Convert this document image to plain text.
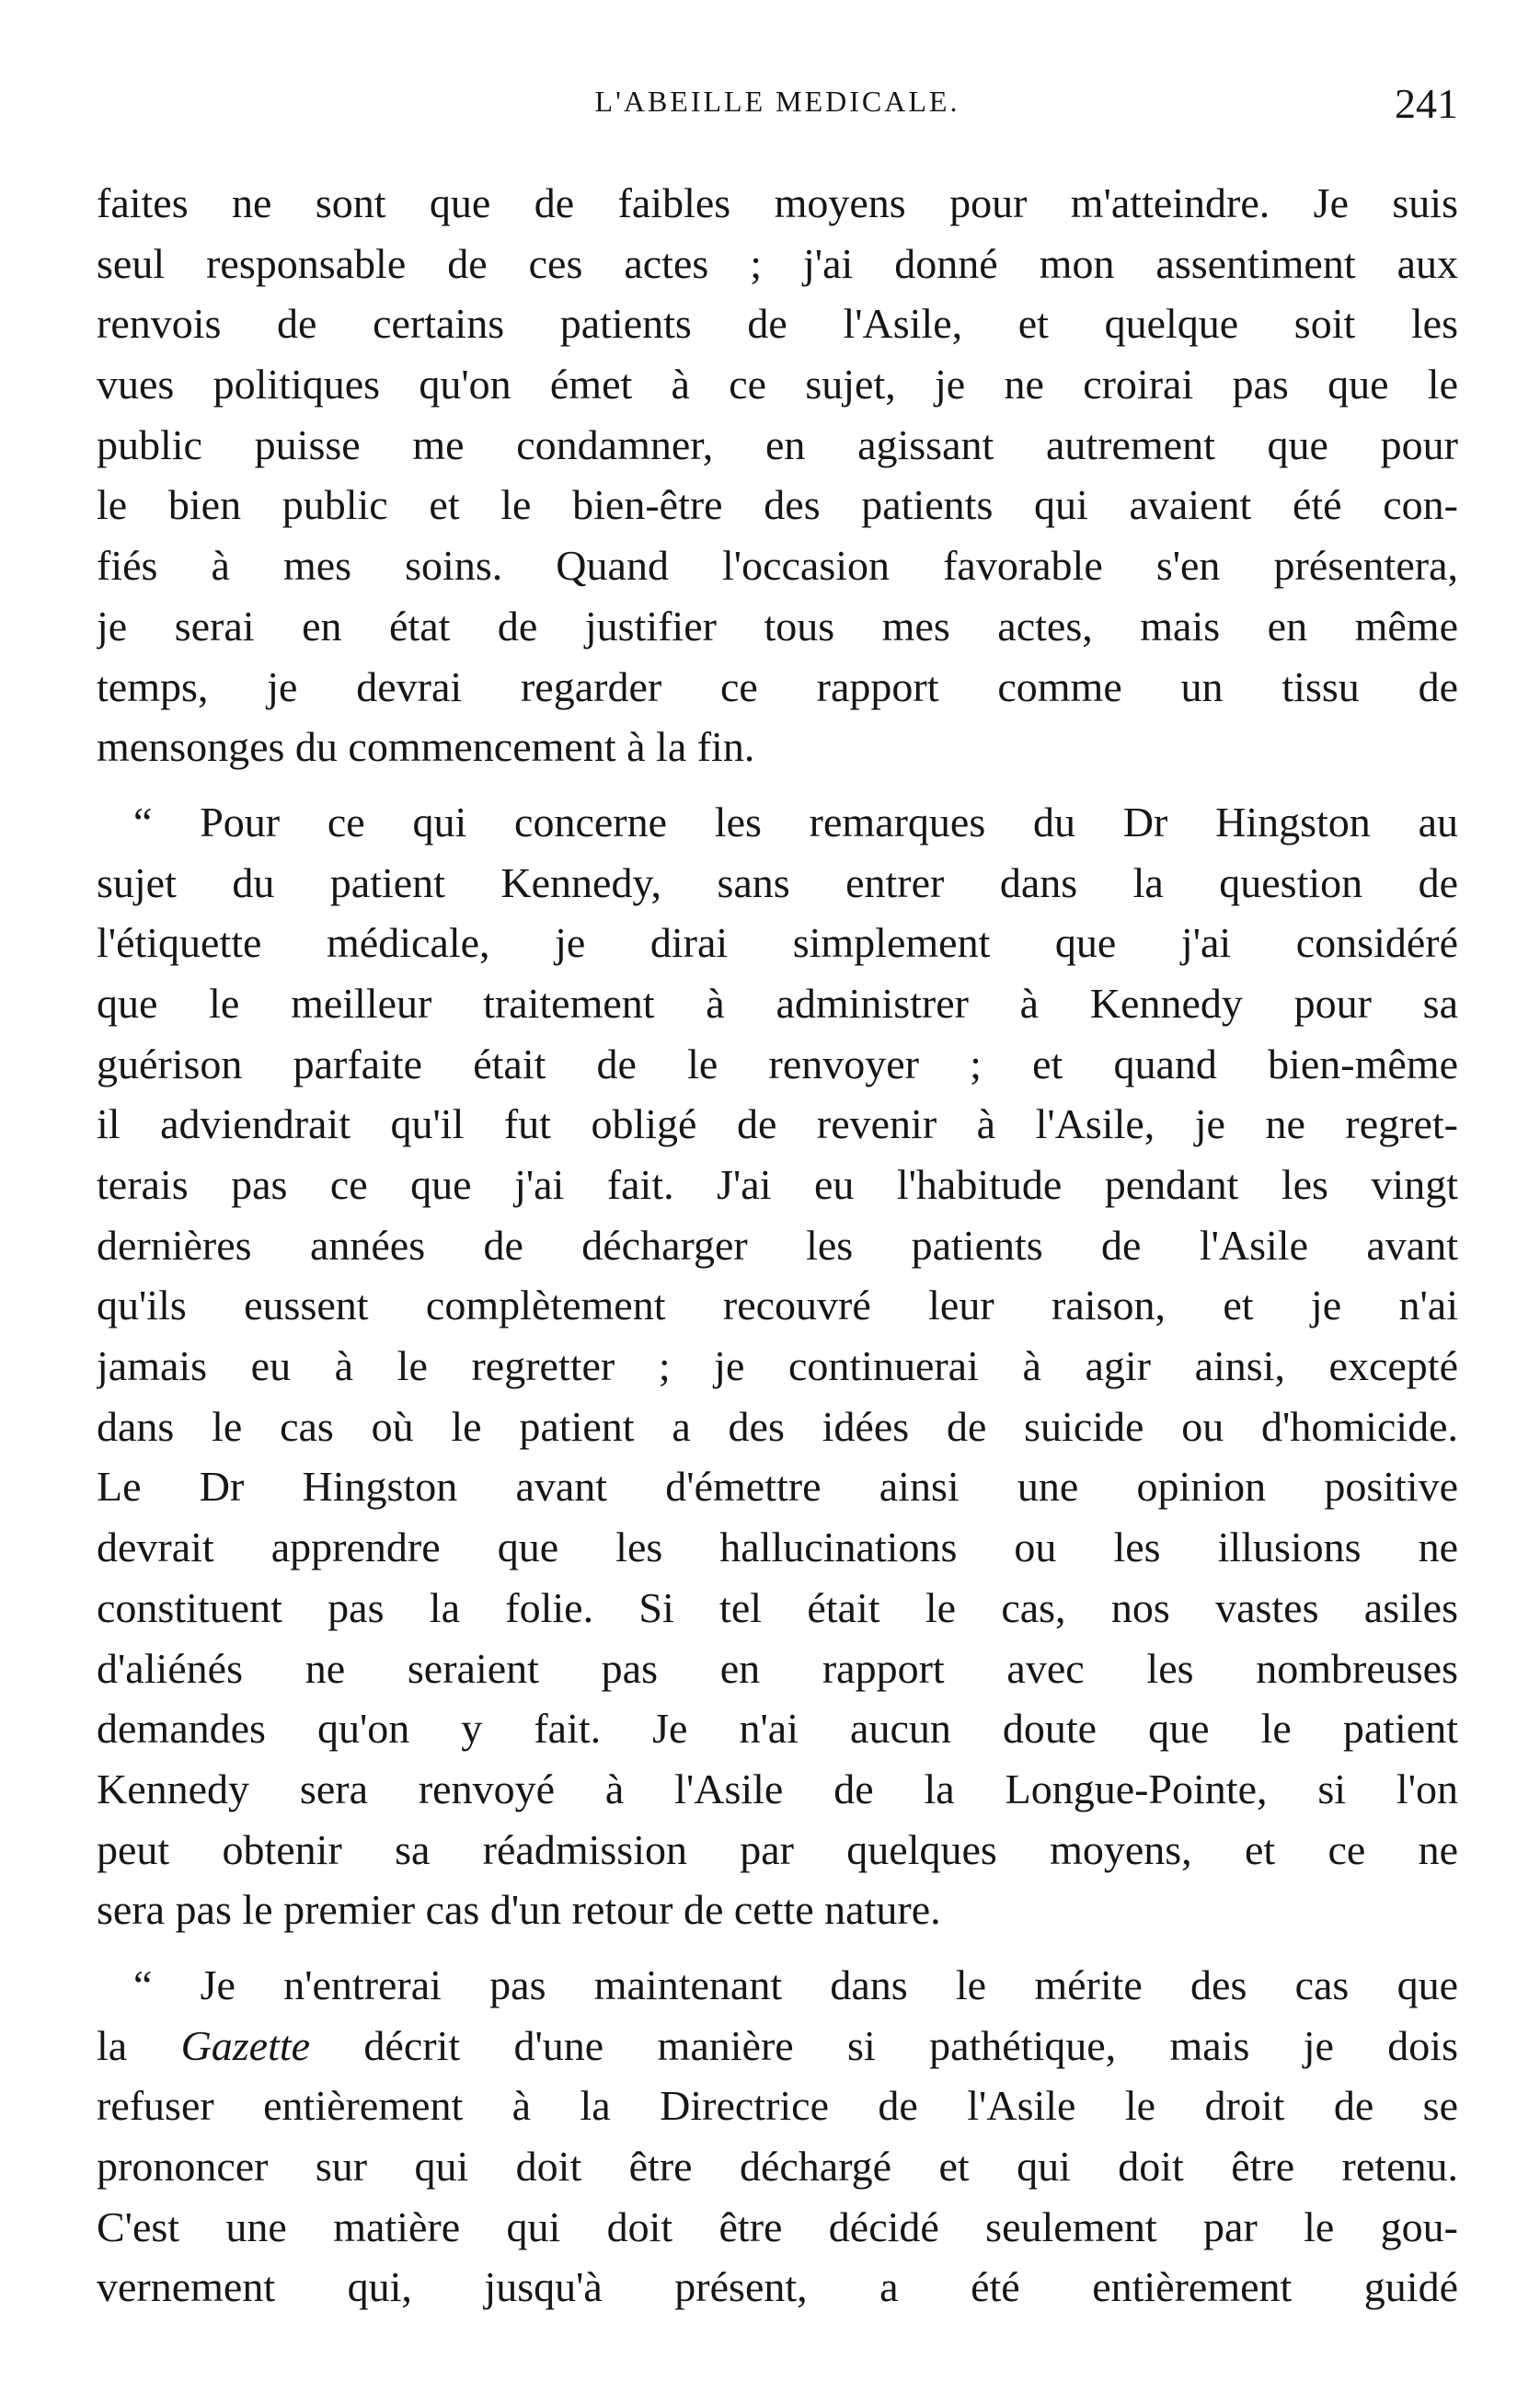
L'ABEILLE MEDICALE.	241
faites ne sont que de faibles moyens pour m'atteindre. Je suis
seul responsable de ces actes ; j'ai donné mon assentiment aux
renvois de certains patients de l'Asile, et quelque soit les
vues politiques qu'on émet à ce sujet, je ne croirai pas que le
public puisse me condamner, en agissant autrement que pour
le bien public et le bien-être des patients qui avaient été con-
fiés à mes soins. Quand l'occasion favorable s'en présentera,
je serai en état de justifier tous mes actes, mais en même
temps, je devrai regarder ce rapport comme un tissu de
mensonges du commencement à la fin.
“ Pour ce qui concerne les remarques du Dr Hingston au
sujet du patient Kennedy, sans entrer dans la question de
l'étiquette médicale, je dirai simplement que j'ai considéré
que le meilleur traitement à administrer à Kennedy pour sa
guérison parfaite était de le renvoyer ; et quand bien-même
il adviendrait qu'il fut obligé de revenir à l'Asile, je ne regret-
terais pas ce que j'ai fait. J'ai eu l'habitude pendant les vingt
dernières années de décharger les patients de l'Asile avant
qu'ils eussent complètement recouvré leur raison, et je n'ai
jamais eu à le regretter ; je continuerai à agir ainsi, excepté
dans le cas où le patient a des idées de suicide ou d'homicide.
Le Dr Hingston avant d'émettre ainsi une opinion positive
devrait apprendre que les hallucinations ou les illusions ne
constituent pas la folie. Si tel était le cas, nos vastes asiles
d'aliénés ne seraient pas en rapport avec les nombreuses
demandes qu'on y fait. Je n'ai aucun doute que le patient
Kennedy sera renvoyé à l'Asile de la Longue-Pointe, si l'on
peut obtenir sa réadmission par quelques moyens, et ce ne
sera pas le premier cas d'un retour de cette nature.
“ Je n'entrerai pas maintenant dans le mérite des cas que
la Gazette décrit d'une manière si pathétique, mais je dois
refuser entièrement à la Directrice de l'Asile le droit de se
prononcer sur qui doit être déchargé et qui doit être retenu.
C'est une matière qui doit être décidé seulement par le gou-
vernement qui, jusqu'à présent, a été entièrement guidé
